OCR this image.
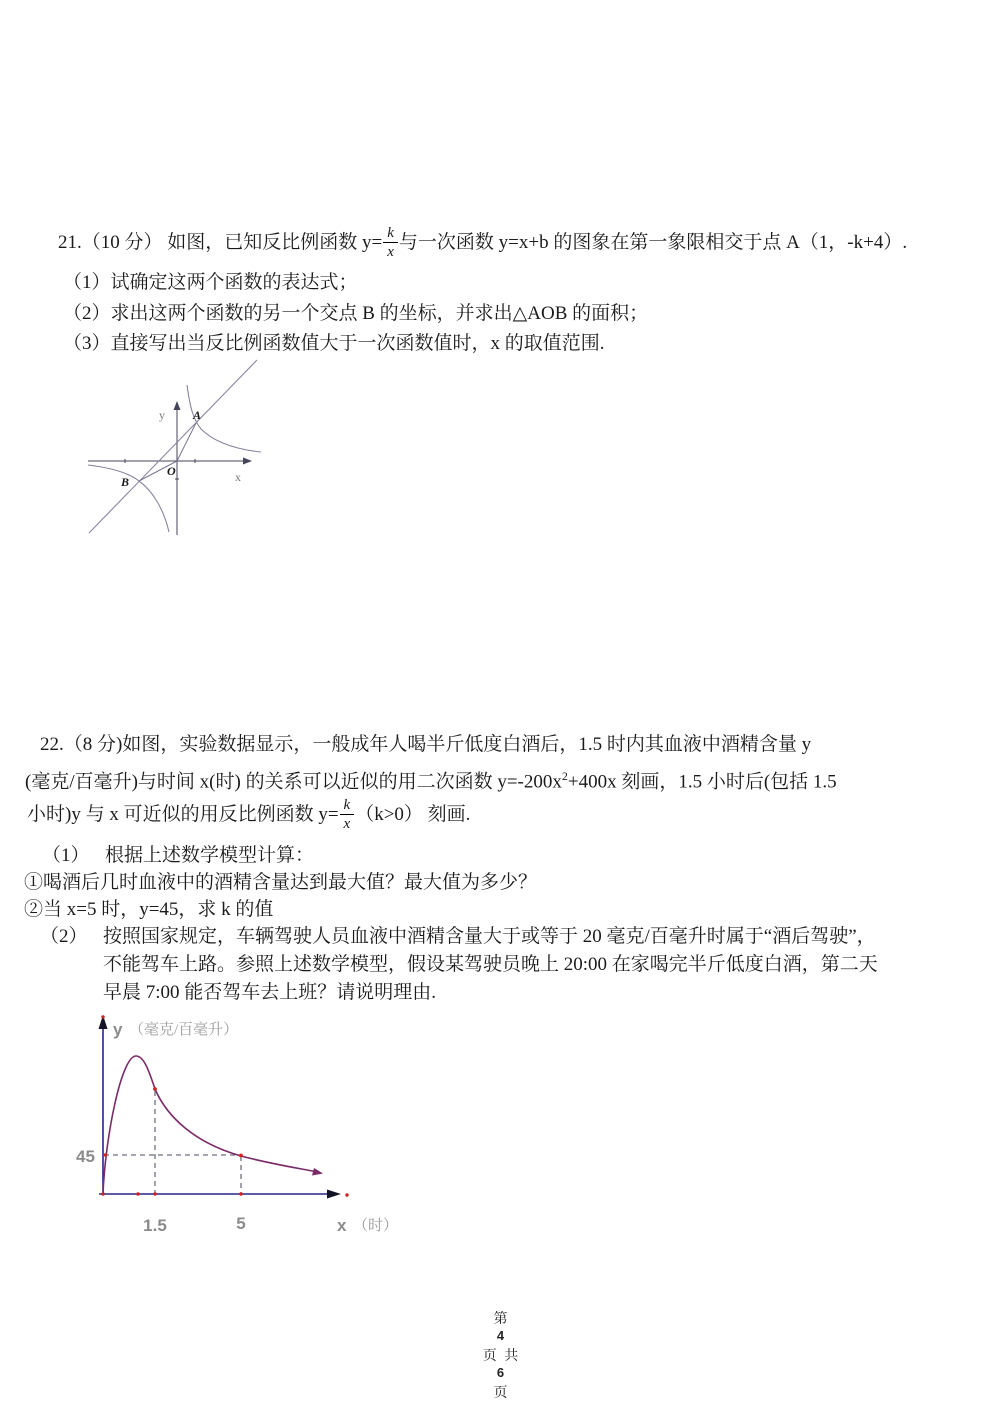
21.（10 分） 如图，已知反比例函数 $y= \frac{k}{x}$ 与一次函数 y=x+b 的图象在第一象限相交于点 A（1，-k+4）.
（1）试确定这两个函数的表达式；
（2）求出这两个函数的另一个交点 B 的坐标，并求出△AOB 的面积；
（3）直接写出当反比例函数值大于一次函数值时，x 的取值范围.
y
x
A
B
O
22.（8 分)如图，实验数据显示，一般成年人喝半斤低度白酒后，1.5 时内其血液中酒精含量 y
(毫克/百毫升)与时间 x(时) 的关系可以近似的用二次函数 $y=-200x^2+400x$ 刻画，1.5 小时后(包括 1.5
小时)y 与 x 可近似的用反比例函数 $y= \frac{k}{x} (k>0)$ 刻画.
（1） 根据上述数学模型计算：
①喝酒后几时血液中的酒精含量达到最大值？最大值为多少？
②当 x=5 时，y=45，求 k 的值
（2） 按照国家规定，车辆驾驶人员血液中酒精含量大于或等于 20 毫克/百毫升时属于“酒后驾驶”，
不能驾车上路。参照上述数学模型，假设某驾驶员晚上 20:00 在家喝完半斤低度白酒，第二天
早晨 7:00 能否驾车去上班？请说明理由.
y （毫克/百毫升）
45
1.5	5	x （时）

第
4
页 共
6
页
